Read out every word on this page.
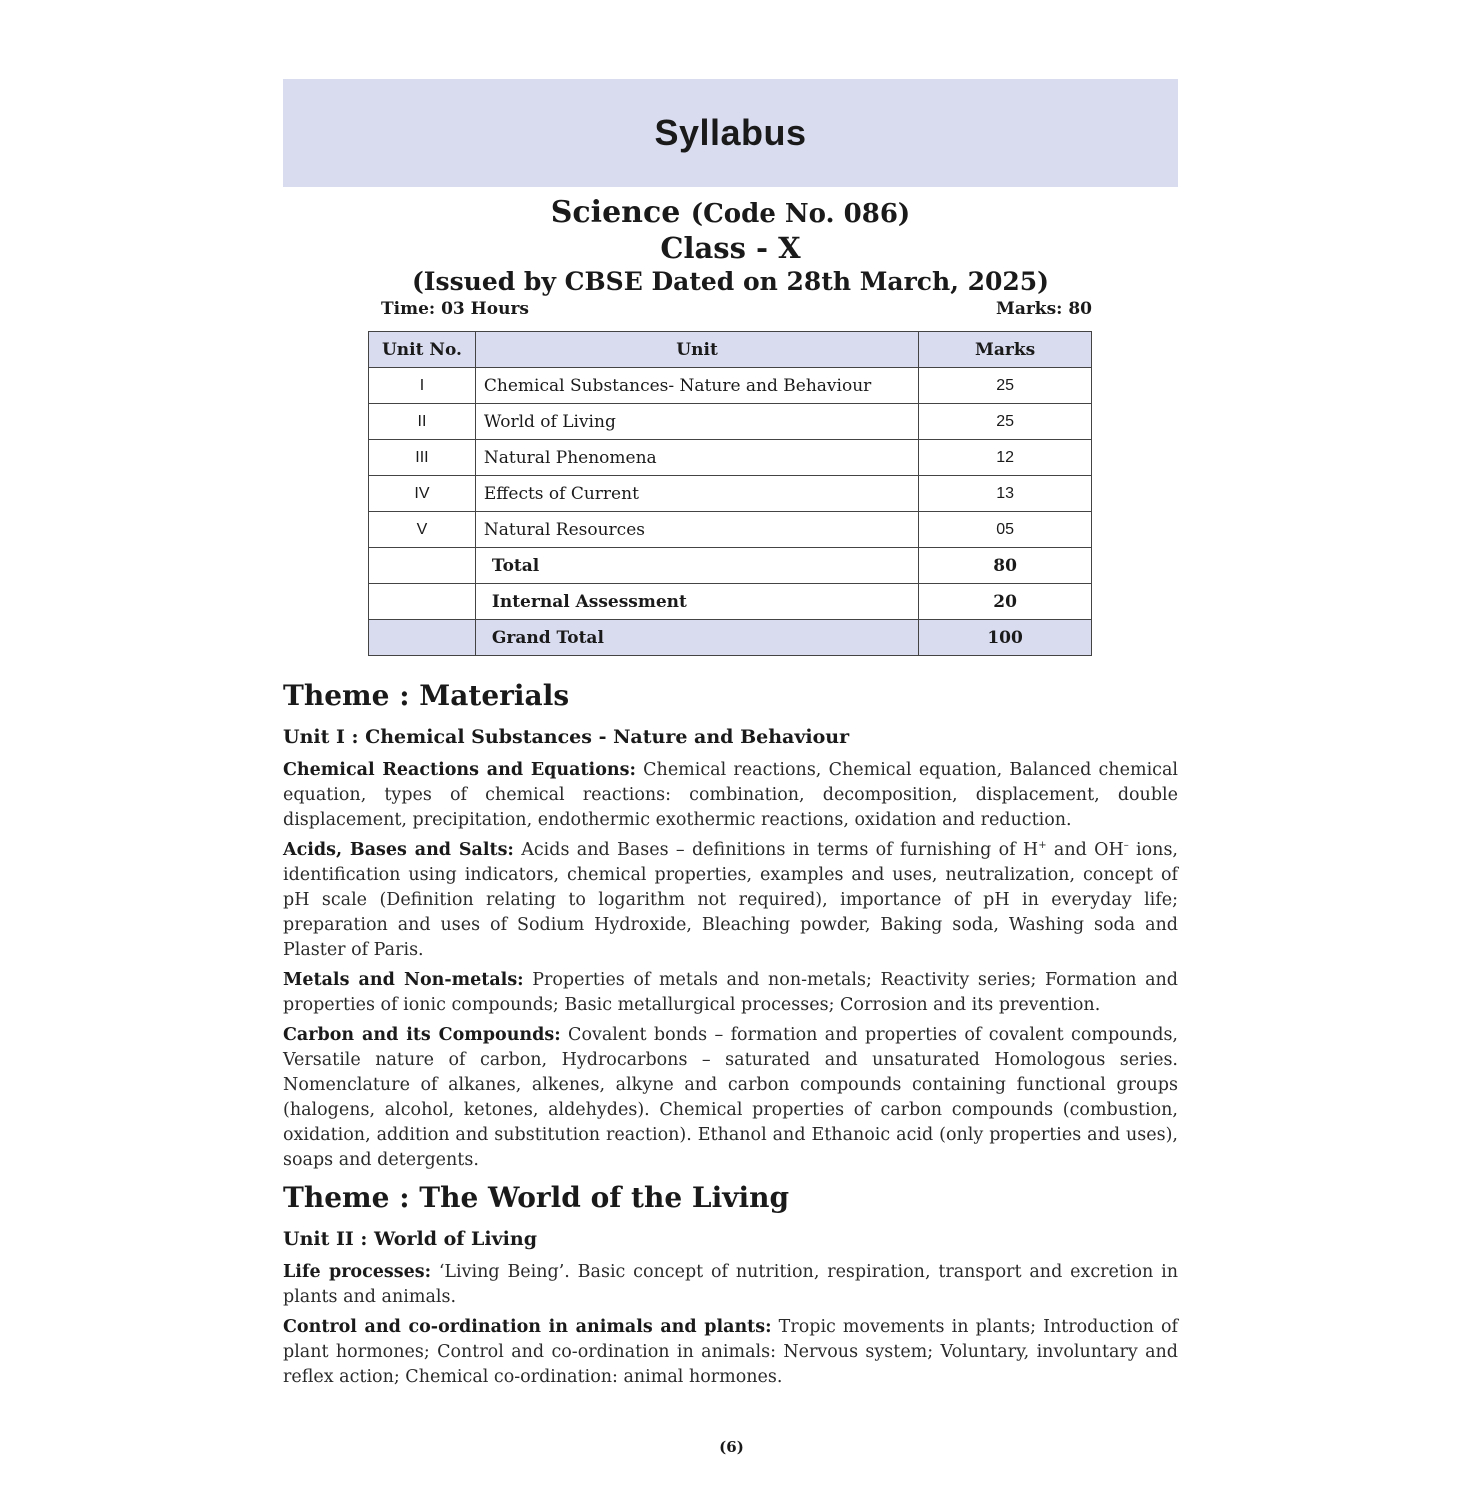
Syllabus
Science (Code No. 086)
Class - X
(Issued by CBSE Dated on 28th March, 2025)
Time: 03 Hours	Marks: 80
Unit No.	Unit	Marks
I	Chemical Substances- Nature and Behaviour	25
II	World of Living	25
III	Natural Phenomena	12
IV	Effects of Current	13
V	Natural Resources	05
	Total	80
	Internal Assessment	20
	Grand Total	100
Theme : Materials
Unit I : Chemical Substances - Nature and Behaviour

Chemical Reactions and Equations: Chemical reactions, Chemical equation, Balanced chemical equation, types of chemical reactions: combination, decomposition, displacement, double displacement, precipitation, endothermic exothermic reactions, oxidation and reduction.

Acids, Bases and Salts: Acids and Bases – definitions in terms of furnishing of H+ and OH– ions, identification using indicators, chemical properties, examples and uses, neutralization, concept of pH scale (Definition relating to logarithm not required), importance of pH in everyday life; preparation and uses of Sodium Hydroxide, Bleaching powder, Baking soda, Washing soda and Plaster of Paris.

Metals and Non-metals: Properties of metals and non-metals; Reactivity series; Formation and properties of ionic compounds; Basic metallurgical processes; Corrosion and its prevention.

Carbon and its Compounds: Covalent bonds – formation and properties of covalent compounds, Versatile nature of carbon, Hydrocarbons – saturated and unsaturated Homologous series. Nomenclature of alkanes, alkenes, alkyne and carbon compounds containing functional groups (halogens, alcohol, ketones, aldehydes). Chemical properties of carbon compounds (combustion, oxidation, addition and substitution reaction). Ethanol and Ethanoic acid (only properties and uses), soaps and detergents.

Theme : The World of the Living
Unit II : World of Living

Life processes: ‘Living Being’. Basic concept of nutrition, respiration, transport and excretion in plants and animals.

Control and co-ordination in animals and plants: Tropic movements in plants; Introduction of plant hormones; Control and co-ordination in animals: Nervous system; Voluntary, involuntary and reflex action; Chemical co-ordination: animal hormones.

(6)
